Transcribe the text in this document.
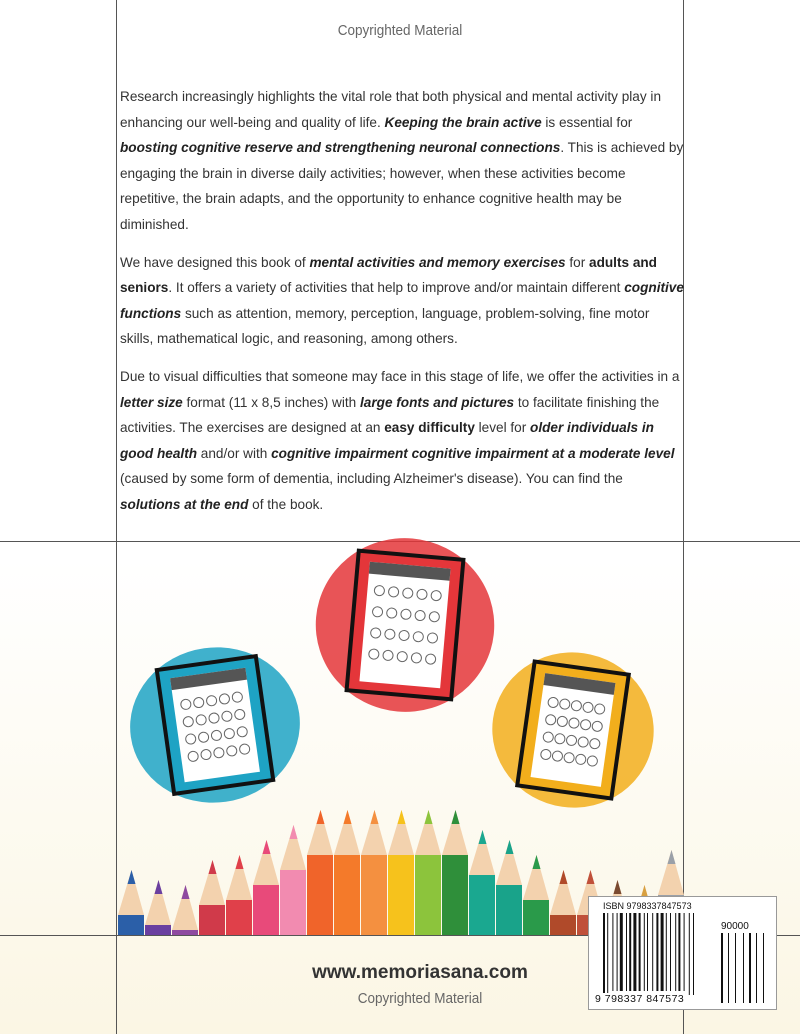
Copyrighted Material

Research increasingly highlights the vital role that both physical and mental activity play in enhancing our well-being and quality of life. Keeping the brain active is essential for boosting cognitive reserve and strengthening neuronal connections. This is achieved by engaging the brain in diverse daily activities; however, when these activities become repetitive, the brain adapts, and the opportunity to enhance cognitive health may be diminished.

We have designed this book of mental activities and memory exercises for adults and seniors. It offers a variety of activities that help to improve and/or maintain different cognitive functions such as attention, memory, perception, language, problem-solving, fine motor skills, mathematical logic, and reasoning, among others.

Due to visual difficulties that someone may face in this stage of life, we offer the activities in a letter size format (11 x 8,5 inches) with large fonts and pictures to facilitate finishing the activities. The exercises are designed at an easy difficulty level for older individuals in good health and/or with cognitive impairment cognitive impairment at a moderate level (caused by some form of dementia, including Alzheimer's disease). You can find the solutions at the end of the book.

www.memoriasana.com
Copyrighted Material
ISBN 9798337847573
90000
9 798337 847573
